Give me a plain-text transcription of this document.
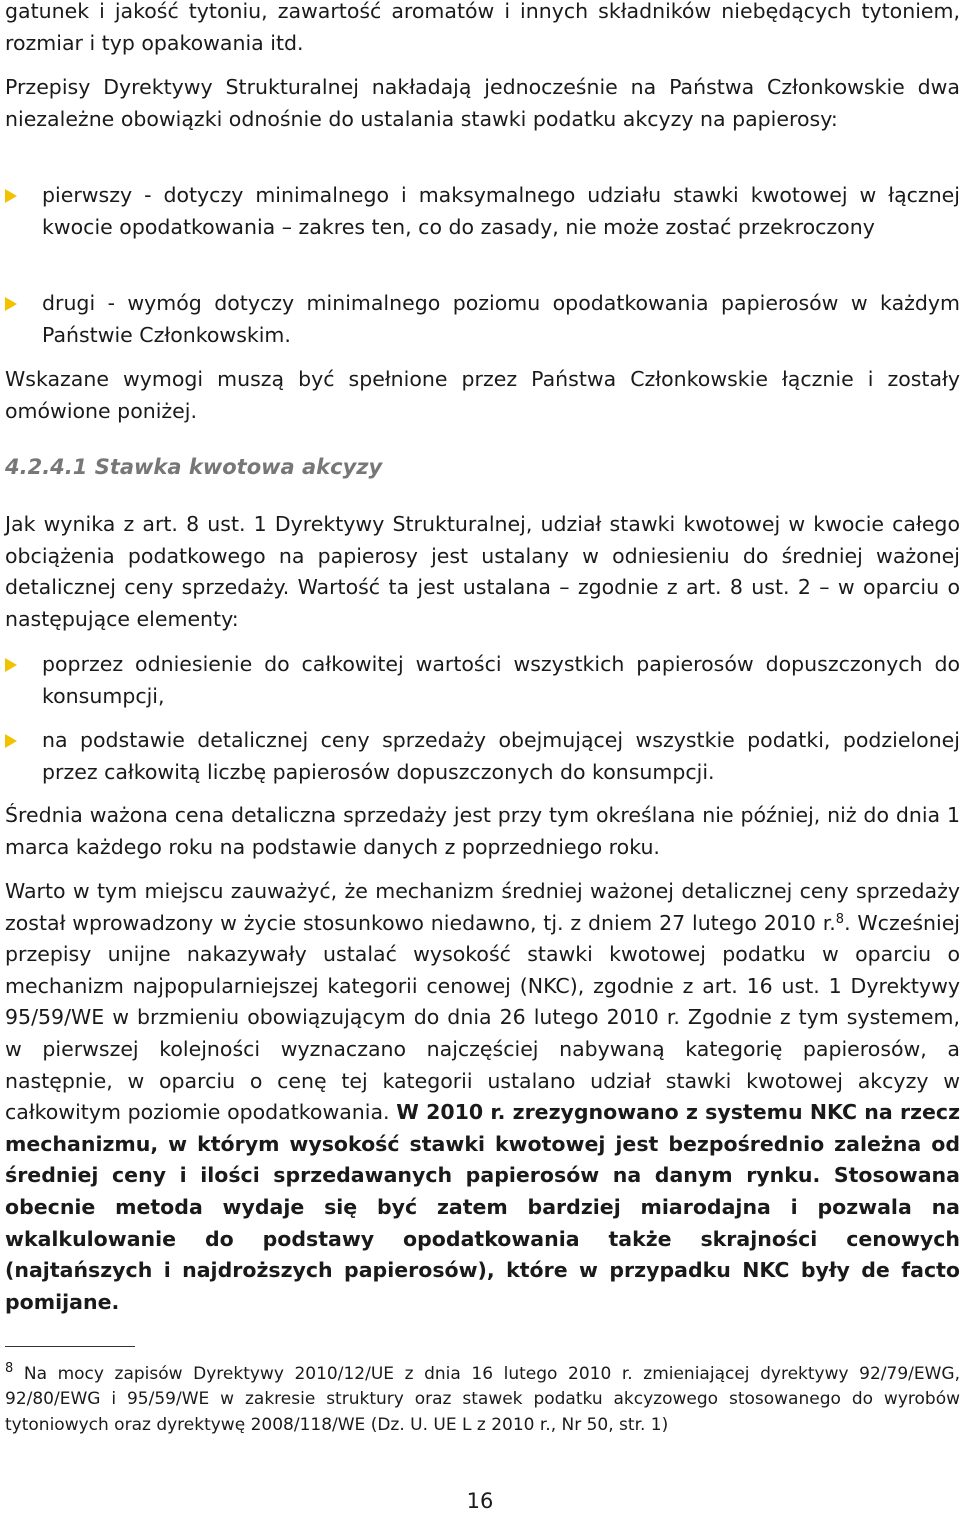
gatunek i jakość tytoniu, zawartość aromatów i innych składników niebędących tytoniem, rozmiar i typ opakowania itd.

Przepisy Dyrektywy Strukturalnej nakładają jednocześnie na Państwa Członkowskie dwa niezależne obowiązki odnośnie do ustalania stawki podatku akcyzy na papierosy:

pierwszy - dotyczy minimalnego i maksymalnego udziału stawki kwotowej w łącznej kwocie opodatkowania – zakres ten, co do zasady, nie może zostać przekroczony
drugi - wymóg dotyczy minimalnego poziomu opodatkowania papierosów w każdym Państwie Członkowskim.

Wskazane wymogi muszą być spełnione przez Państwa Członkowskie łącznie i zostały omówione poniżej.

4.2.4.1 Stawka kwotowa akcyzy

Jak wynika z art. 8 ust. 1 Dyrektywy Strukturalnej, udział stawki kwotowej w kwocie całego obciążenia podatkowego na papierosy jest ustalany w odniesieniu do średniej ważonej detalicznej ceny sprzedaży. Wartość ta jest ustalana – zgodnie z art. 8 ust. 2 – w oparciu o następujące elementy:

poprzez odniesienie do całkowitej wartości wszystkich papierosów dopuszczonych do konsumpcji,
na podstawie detalicznej ceny sprzedaży obejmującej wszystkie podatki, podzielonej przez całkowitą liczbę papierosów dopuszczonych do konsumpcji.

Średnia ważona cena detaliczna sprzedaży jest przy tym określana nie później, niż do dnia 1 marca każdego roku na podstawie danych z poprzedniego roku.

Warto w tym miejscu zauważyć, że mechanizm średniej ważonej detalicznej ceny sprzedaży został wprowadzony w życie stosunkowo niedawno, tj. z dniem 27 lutego 2010 r.$^8$. Wcześniej przepisy unijne nakazywały ustalać wysokość stawki kwotowej podatku w oparciu o mechanizm najpopularniejszej kategorii cenowej (NKC), zgodnie z art. 16 ust. 1 Dyrektywy 95/59/WE w brzmieniu obowiązującym do dnia 26 lutego 2010 r. Zgodnie z tym systemem, w pierwszej kolejności wyznaczano najczęściej nabywaną kategorię papierosów, a następnie, w oparciu o cenę tej kategorii ustalano udział stawki kwotowej akcyzy w całkowitym poziomie opodatkowania. W 2010 r. zrezygnowano z systemu NKC na rzecz mechanizmu, w którym wysokość stawki kwotowej jest bezpośrednio zależna od średniej ceny i ilości sprzedawanych papierosów na danym rynku. Stosowana obecnie metoda wydaje się być zatem bardziej miarodajna i pozwala na wkalkulowanie do podstawy opodatkowania także skrajności cenowych (najtańszych i najdroższych papierosów), które w przypadku NKC były de facto pomijane.

$^8$ Na mocy zapisów Dyrektywy 2010/12/UE z dnia 16 lutego 2010 r. zmieniającej dyrektywy 92/79/EWG, 92/80/EWG i 95/59/WE w zakresie struktury oraz stawek podatku akcyzowego stosowanego do wyrobów tytoniowych oraz dyrektywę 2008/118/WE (Dz. U. UE L z 2010 r., Nr 50, str. 1)

16
